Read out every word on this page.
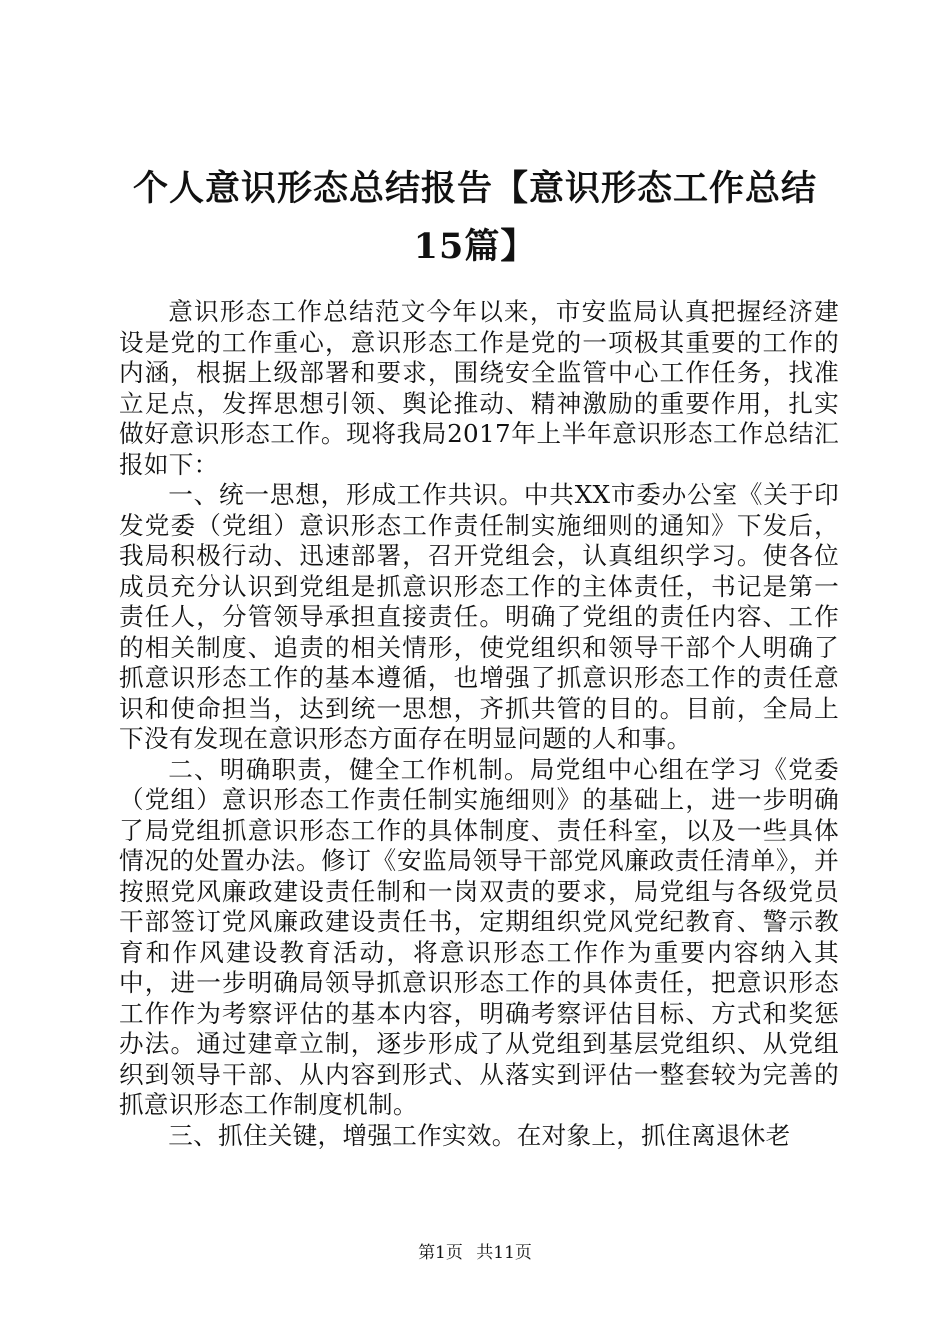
个人意识形态总结报告【意识形态工作总结
15篇】

意识形态工作总结范文今年以来，市安监局认真把握经济建设是党的工作重心，意识形态工作是党的一项极其重要的工作的内涵，根据上级部署和要求，围绕安全监管中心工作任务，找准立足点，发挥思想引领、舆论推动、精神激励的重要作用，扎实做好意识形态工作。现将我局2017年上半年意识形态工作总结汇报如下：

一、统一思想，形成工作共识。中共XX市委办公室《关于印发党委（党组）意识形态工作责任制实施细则的通知》下发后，我局积极行动、迅速部署，召开党组会，认真组织学习。使各位成员充分认识到党组是抓意识形态工作的主体责任，书记是第一责任人，分管领导承担直接责任。明确了党组的责任内容、工作的相关制度、追责的相关情形，使党组织和领导干部个人明确了抓意识形态工作的基本遵循，也增强了抓意识形态工作的责任意识和使命担当，达到统一思想，齐抓共管的目的。目前，全局上下没有发现在意识形态方面存在明显问题的人和事。

二、明确职责，健全工作机制。局党组中心组在学习《党委（党组）意识形态工作责任制实施细则》的基础上，进一步明确了局党组抓意识形态工作的具体制度、责任科室，以及一些具体情况的处置办法。修订《安监局领导干部党风廉政责任清单》，并按照党风廉政建设责任制和一岗双责的要求，局党组与各级党员干部签订党风廉政建设责任书，定期组织党风党纪教育、警示教育和作风建设教育活动，将意识形态工作作为重要内容纳入其中，进一步明确局领导抓意识形态工作的具体责任，把意识形态工作作为考察评估的基本内容，明确考察评估目标、方式和奖惩办法。通过建章立制，逐步形成了从党组到基层党组织、从党组织到领导干部、从内容到形式、从落实到评估一整套较为完善的抓意识形态工作制度机制。

三、抓住关键，增强工作实效。在对象上，抓住离退休老

第1页 共11页
